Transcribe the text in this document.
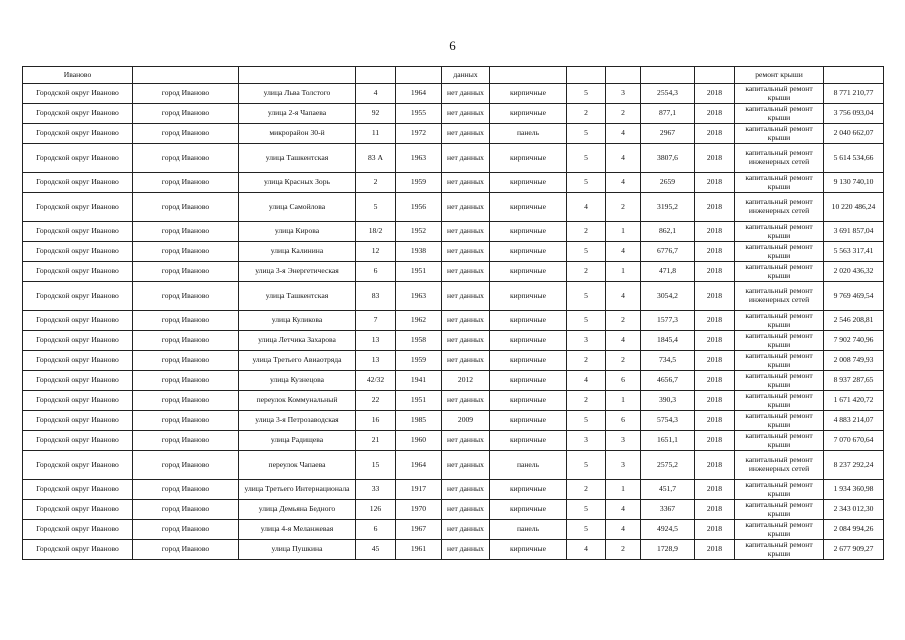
6
Иваново					данных						ремонт крыши	
Городской округ Иваново	город Иваново	улица Льва Толстого	4	1964	нет данных	кирпичные	5	3	2554,3	2018	капитальный ремонт крыши	8 771 210,77
Городской округ Иваново	город Иваново	улица 2-я Чапаева	92	1955	нет данных	кирпичные	2	2	877,1	2018	капитальный ремонт крыши	3 756 093,04
Городской округ Иваново	город Иваново	микрорайон 30-й	11	1972	нет данных	панель	5	4	2967	2018	капитальный ремонт крыши	2 040 662,07
Городской округ Иваново	город Иваново	улица Ташкентская	83 А	1963	нет данных	кирпичные	5	4	3807,6	2018	капитальный ремонт инженерных сетей	5 614 534,66
Городской округ Иваново	город Иваново	улица Красных Зорь	2	1959	нет данных	кирпичные	5	4	2659	2018	капитальный ремонт крыши	9 130 740,10
Городской округ Иваново	город Иваново	улица Самойлова	5	1956	нет данных	кирпичные	4	2	3195,2	2018	капитальный ремонт инженерных сетей	10 220 486,24
Городской округ Иваново	город Иваново	улица Кирова	18/2	1952	нет данных	кирпичные	2	1	862,1	2018	капитальный ремонт крыши	3 691 857,04
Городской округ Иваново	город Иваново	улица Калинина	12	1938	нет данных	кирпичные	5	4	6776,7	2018	капитальный ремонт крыши	5 563 317,41
Городской округ Иваново	город Иваново	улица 3-я Энергетическая	6	1951	нет данных	кирпичные	2	1	471,8	2018	капитальный ремонт крыши	2 020 436,32
Городской округ Иваново	город Иваново	улица Ташкентская	83	1963	нет данных	кирпичные	5	4	3054,2	2018	капитальный ремонт инженерных сетей	9 769 469,54
Городской округ Иваново	город Иваново	улица Куликова	7	1962	нет данных	кирпичные	5	2	1577,3	2018	капитальный ремонт крыши	2 546 208,81
Городской округ Иваново	город Иваново	улица Летчика Захарова	13	1958	нет данных	кирпичные	3	4	1845,4	2018	капитальный ремонт крыши	7 902 740,96
Городской округ Иваново	город Иваново	улица Третьего Авиаотряда	13	1959	нет данных	кирпичные	2	2	734,5	2018	капитальный ремонт крыши	2 008 749,93
Городской округ Иваново	город Иваново	улица Кузнецова	42/32	1941	2012	кирпичные	4	6	4656,7	2018	капитальный ремонт крыши	8 937 287,65
Городской округ Иваново	город Иваново	переулок Коммунальный	22	1951	нет данных	кирпичные	2	1	390,3	2018	капитальный ремонт крыши	1 671 420,72
Городской округ Иваново	город Иваново	улица 3-я Петрозаводская	16	1985	2009	кирпичные	5	6	5754,3	2018	капитальный ремонт крыши	4 883 214,07
Городской округ Иваново	город Иваново	улица Радищева	21	1960	нет данных	кирпичные	3	3	1651,1	2018	капитальный ремонт крыши	7 070 670,64
Городской округ Иваново	город Иваново	переулок Чапаева	15	1964	нет данных	панель	5	3	2575,2	2018	капитальный ремонт инженерных сетей	8 237 292,24
Городской округ Иваново	город Иваново	улица Третьего Интернационала	33	1917	нет данных	кирпичные	2	1	451,7	2018	капитальный ремонт крыши	1 934 360,98
Городской округ Иваново	город Иваново	улица Демьяна Бедного	126	1970	нет данных	кирпичные	5	4	3367	2018	капитальный ремонт крыши	2 343 012,30
Городской округ Иваново	город Иваново	улица 4-я Меланжевая	6	1967	нет данных	панель	5	4	4924,5	2018	капитальный ремонт крыши	2 084 994,26
Городской округ Иваново	город Иваново	улица Пушкина	45	1961	нет данных	кирпичные	4	2	1728,9	2018	капитальный ремонт крыши	2 677 909,27
